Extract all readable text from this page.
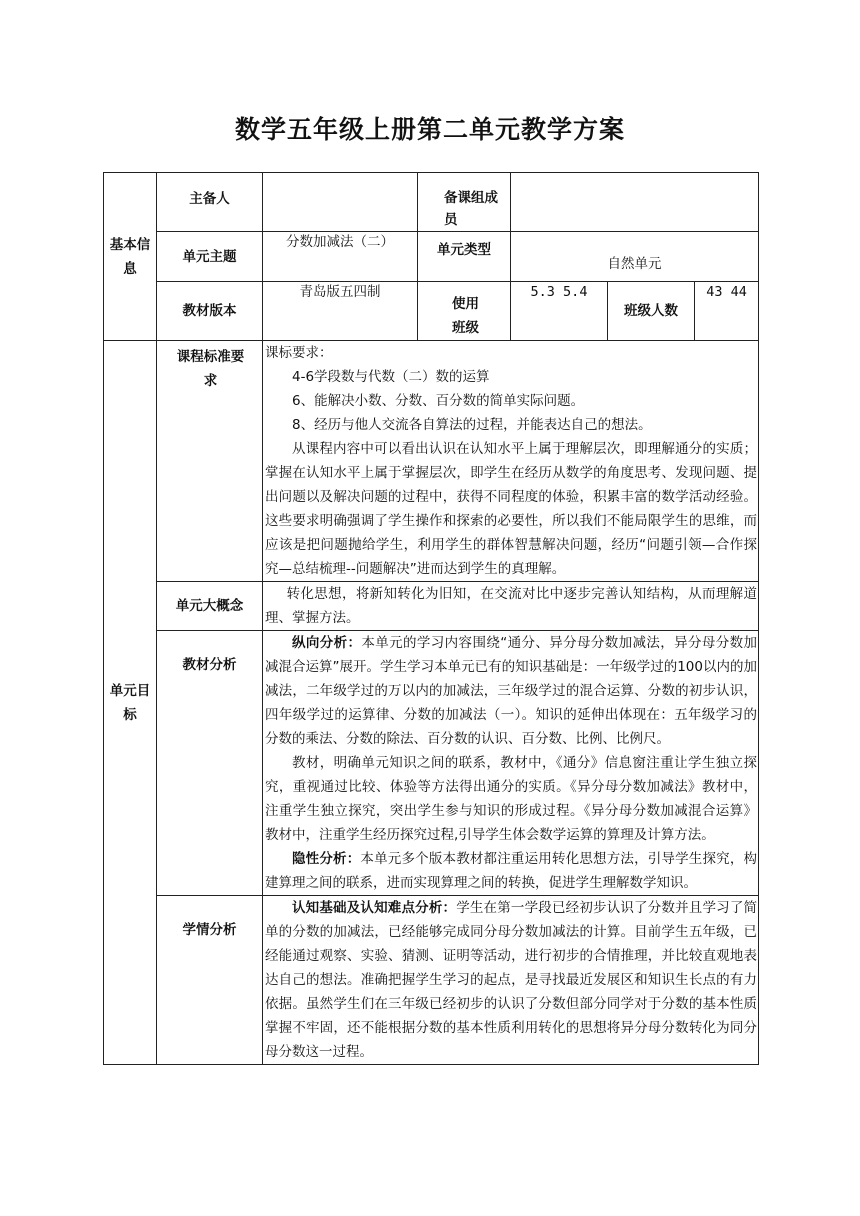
数学五年级上册第二单元教学方案
基本信息	主备人		备课组成员			
	单元主题	分数加减法（二）	单元类型	自然单元		
	教材版本	青岛版五四制	使用班级	5.3 5.4	班级人数	43 44
单元目标	课程标准要求	课标要求：

4-6学段数与代数（二）数的运算

6、能解决小数、分数、百分数的简单实际问题。

8、经历与他人交流各自算法的过程，并能表达自己的想法。

从课程内容中可以看出认识在认知水平上属于理解层次，即理解通分的实质；掌握在认知水平上属于掌握层次，即学生在经历从数学的角度思考、发现问题、提出问题以及解决问题的过程中，获得不同程度的体验，积累丰富的数学活动经验。这些要求明确强调了学生操作和探索的必要性，所以我们不能局限学生的思维，而应该是把问题抛给学生，利用学生的群体智慧解决问题，经历“问题引领—合作探究—总结梳理--问题解决”进而达到学生的真理解。				

	单元大概念	转化思想，将新知转化为旧知，在交流对比中逐步完善认知结构，从而理解道理、掌握方法。				

	教材分析	纵向分析：本单元的学习内容围绕“通分、异分母分数加减法，异分母分数加减混合运算”展开。学生学习本单元已有的知识基础是：一年级学过的100以内的加减法，二年级学过的万以内的加减法，三年级学过的混合运算、分数的初步认识，四年级学过的运算律、分数的加减法（一）。知识的延伸出体现在：五年级学习的分数的乘法、分数的除法、百分数的认识、百分数、比例、比例尺。

教材，明确单元知识之间的联系，教材中，《通分》信息窗注重让学生独立探究，重视通过比较、体验等方法得出通分的实质。《异分母分数加减法》教材中，注重学生独立探究，突出学生参与知识的形成过程。《异分母分数加减混合运算》教材中，注重学生经历探究过程,引导学生体会数学运算的算理及计算方法。

隐性分析：本单元多个版本教材都注重运用转化思想方法，引导学生探究，构建算理之间的联系，进而实现算理之间的转换，促进学生理解数学知识。				

	学情分析	认知基础及认知难点分析：学生在第一学段已经初步认识了分数并且学习了简单的分数的加减法，已经能够完成同分母分数加减法的计算。目前学生五年级，已经能通过观察、实验、猜测、证明等活动，进行初步的合情推理，并比较直观地表达自己的想法。准确把握学生学习的起点，是寻找最近发展区和知识生长点的有力依据。虽然学生们在三年级已经初步的认识了分数但部分同学对于分数的基本性质掌握不牢固，还不能根据分数的基本性质利用转化的思想将异分母分数转化为同分母分数这一过程。				
